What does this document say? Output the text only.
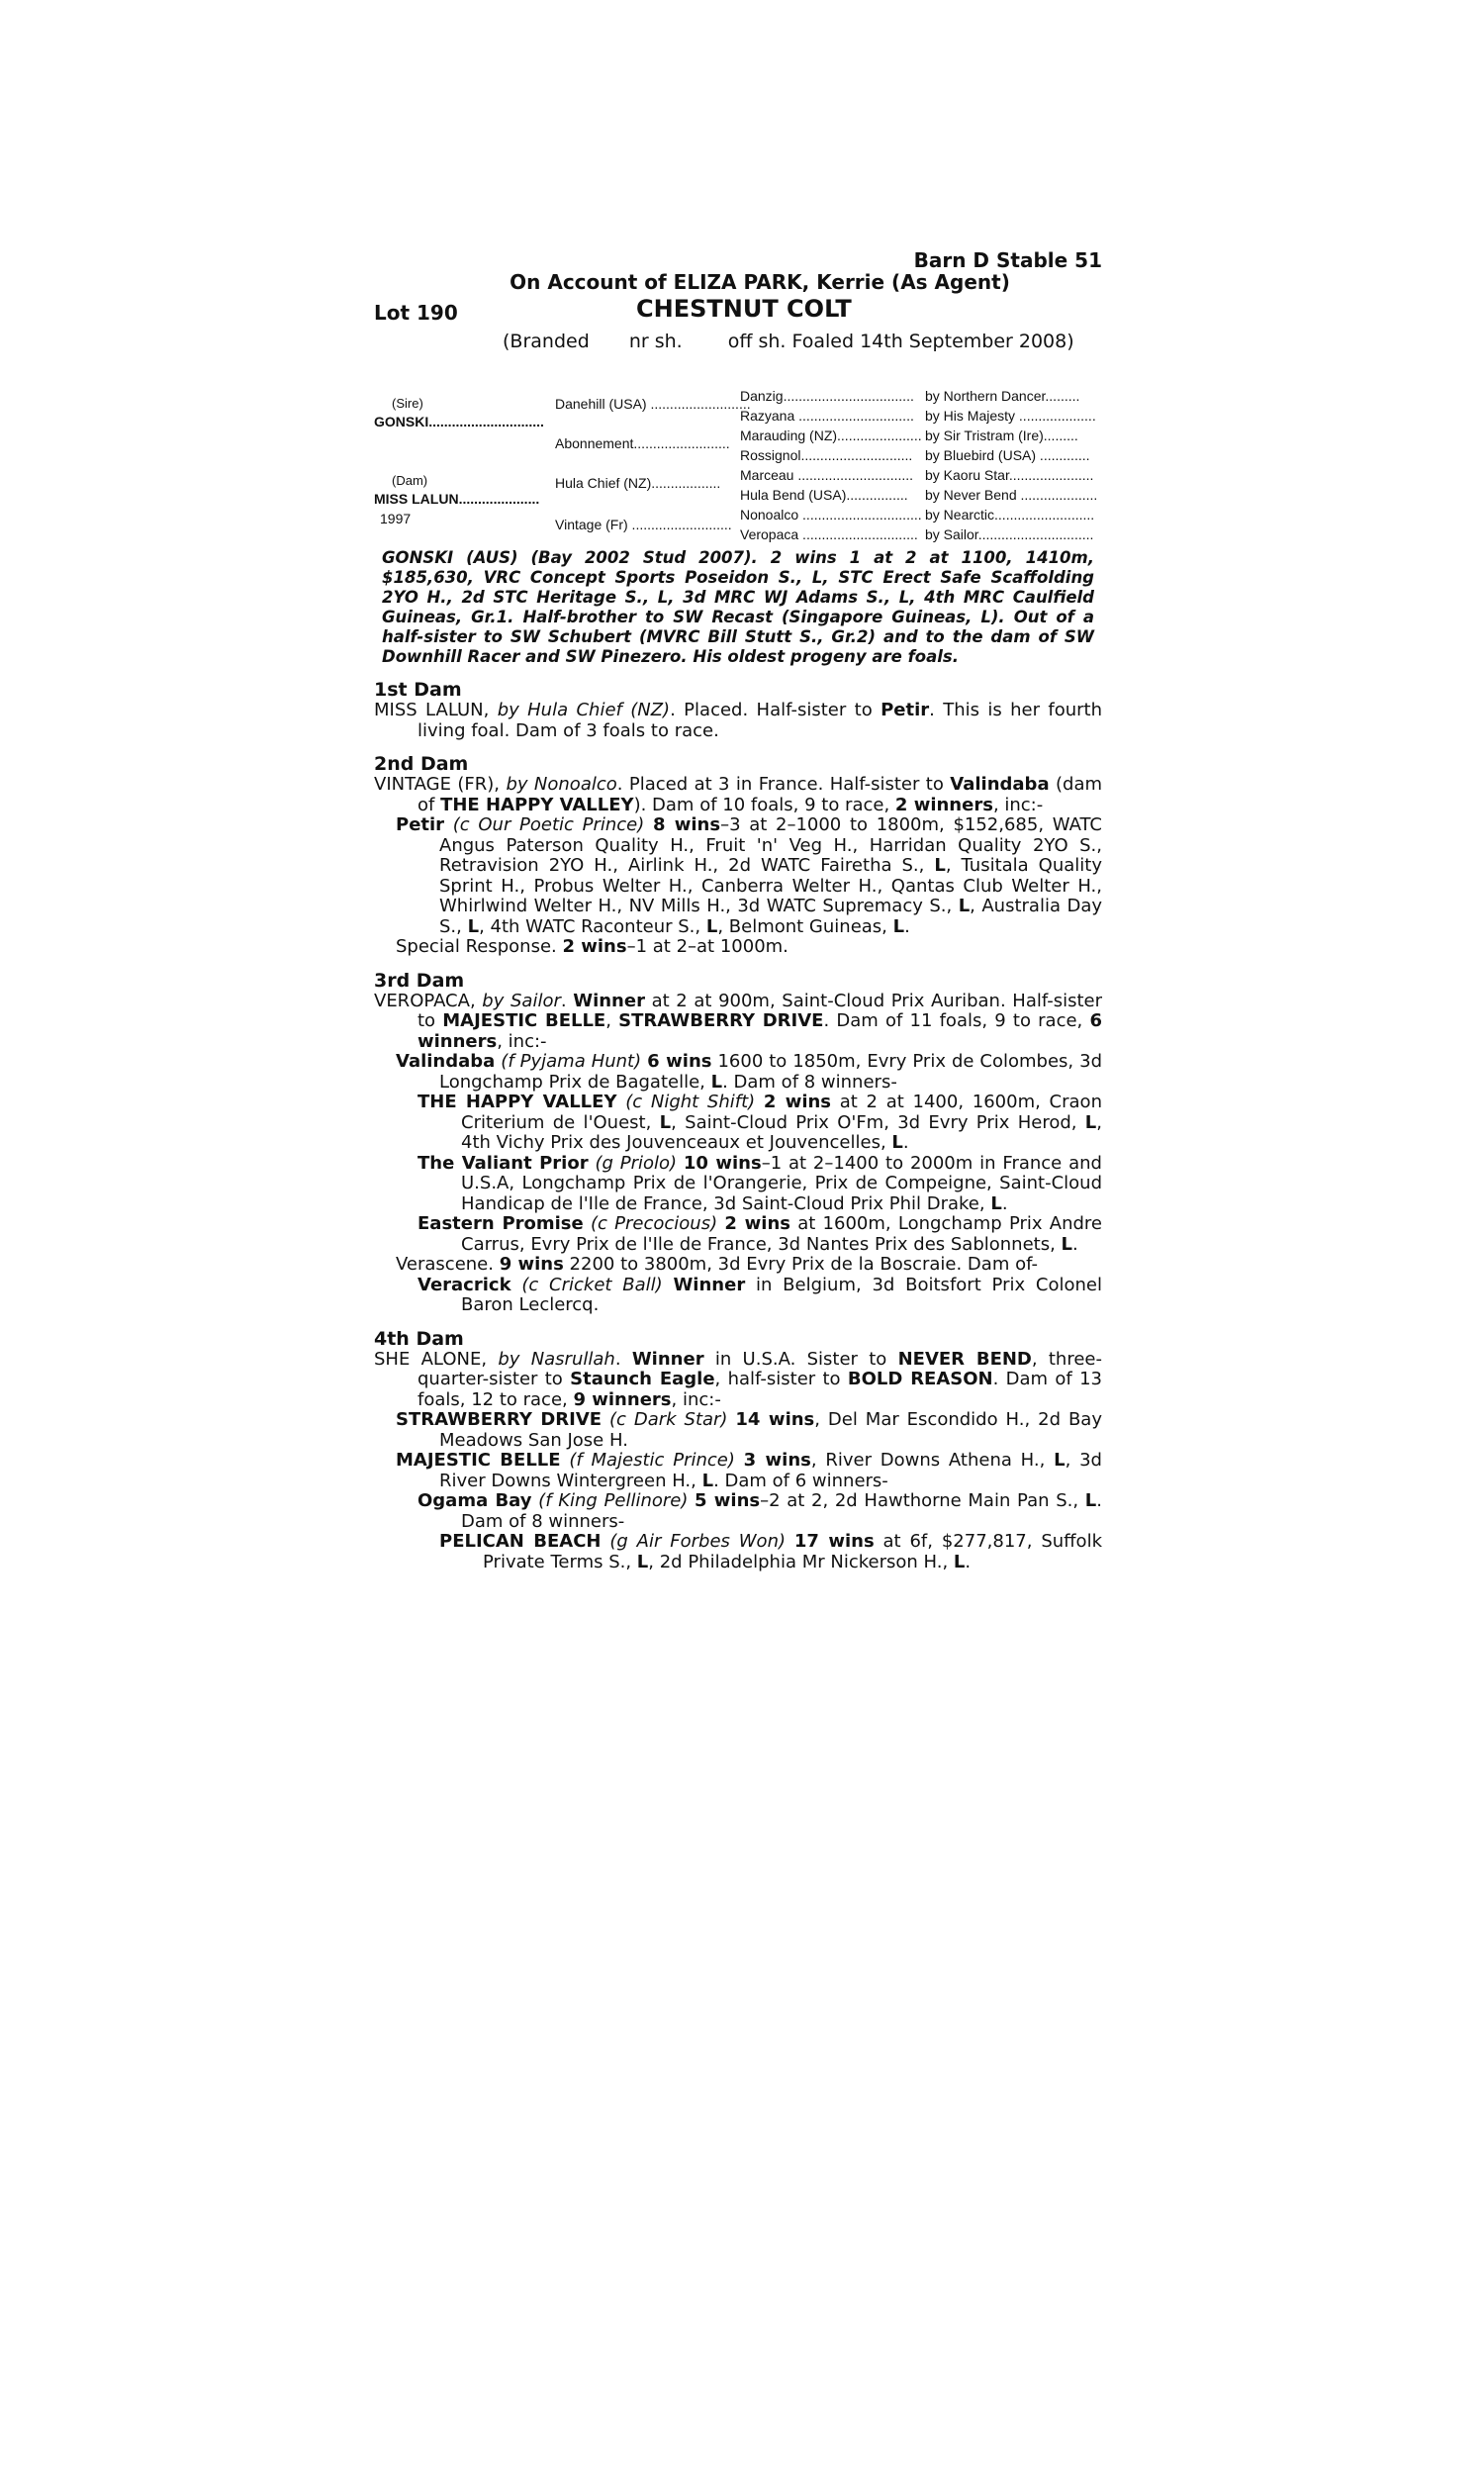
Barn D Stable 51
On Account of ELIZA PARK, Kerrie (As Agent)
Lot 190	CHESTNUT COLT
(Branded nr sh. off sh. Foaled 14th September 2008)
(Sire)
GONSKI..............................
Danehill (USA) ..........................
Abonnement.........................
Danzig..................................
Razyana ..............................
Marauding (NZ)......................
Rossignol.............................
by Northern Dancer.........
by His Majesty ....................
by Sir Tristram (Ire).........
by Bluebird (USA) .............
(Dam)
MISS LALUN.....................
1997
Hula Chief (NZ)..................
Vintage (Fr) ..........................
Marceau ..............................
Hula Bend (USA)................
Nonoalco ...............................
Veropaca ..............................
by Kaoru Star......................
by Never Bend ....................
by Nearctic..........................
by Sailor..............................
GONSKI (AUS) (Bay 2002 Stud 2007). 2 wins 1 at 2 at 1100, 1410m, $185,630, VRC Concept Sports Poseidon S., L, STC Erect Safe Scaffolding 2YO H., 2d STC Heritage S., L, 3d MRC WJ Adams S., L, 4th MRC Caulfield Guineas, Gr.1. Half-brother to SW Recast (Singapore Guineas, L). Out of a half-sister to SW Schubert (MVRC Bill Stutt S., Gr.2) and to the dam of SW Downhill Racer and SW Pinezero. His oldest progeny are foals.
1st Dam
MISS LALUN, by Hula Chief (NZ). Placed. Half-sister to Petir. This is her fourth living foal. Dam of 3 foals to race.
2nd Dam
VINTAGE (FR), by Nonoalco. Placed at 3 in France. Half-sister to Valindaba (dam of THE HAPPY VALLEY). Dam of 10 foals, 9 to race, 2 winners, inc:-
Petir (c Our Poetic Prince) 8 wins–3 at 2–1000 to 1800m, $152,685, WATC Angus Paterson Quality H., Fruit 'n' Veg H., Harridan Quality 2YO S., Retravision 2YO H., Airlink H., 2d WATC Fairetha S., L, Tusitala Quality Sprint H., Probus Welter H., Canberra Welter H., Qantas Club Welter H., Whirlwind Welter H., NV Mills H., 3d WATC Supremacy S., L, Australia Day S., L, 4th WATC Raconteur S., L, Belmont Guineas, L.
Special Response. 2 wins–1 at 2–at 1000m.
3rd Dam
VEROPACA, by Sailor. Winner at 2 at 900m, Saint-Cloud Prix Auriban. Half-sister to MAJESTIC BELLE, STRAWBERRY DRIVE. Dam of 11 foals, 9 to race, 6 winners, inc:-
Valindaba (f Pyjama Hunt) 6 wins 1600 to 1850m, Evry Prix de Colombes, 3d Longchamp Prix de Bagatelle, L. Dam of 8 winners-
THE HAPPY VALLEY (c Night Shift) 2 wins at 2 at 1400, 1600m, Craon Criterium de l'Ouest, L, Saint-Cloud Prix O'Fm, 3d Evry Prix Herod, L, 4th Vichy Prix des Jouvenceaux et Jouvencelles, L.
The Valiant Prior (g Priolo) 10 wins–1 at 2–1400 to 2000m in France and U.S.A, Longchamp Prix de l'Orangerie, Prix de Compeigne, Saint-Cloud Handicap de l'Ile de France, 3d Saint-Cloud Prix Phil Drake, L.
Eastern Promise (c Precocious) 2 wins at 1600m, Longchamp Prix Andre Carrus, Evry Prix de l'Ile de France, 3d Nantes Prix des Sablonnets, L.
Verascene. 9 wins 2200 to 3800m, 3d Evry Prix de la Boscraie. Dam of-
Veracrick (c Cricket Ball) Winner in Belgium, 3d Boitsfort Prix Colonel Baron Leclercq.
4th Dam
SHE ALONE, by Nasrullah. Winner in U.S.A. Sister to NEVER BEND, three-quarter-sister to Staunch Eagle, half-sister to BOLD REASON. Dam of 13 foals, 12 to race, 9 winners, inc:-
STRAWBERRY DRIVE (c Dark Star) 14 wins, Del Mar Escondido H., 2d Bay Meadows San Jose H.
MAJESTIC BELLE (f Majestic Prince) 3 wins, River Downs Athena H., L, 3d River Downs Wintergreen H., L. Dam of 6 winners-
Ogama Bay (f King Pellinore) 5 wins–2 at 2, 2d Hawthorne Main Pan S., L. Dam of 8 winners-
PELICAN BEACH (g Air Forbes Won) 17 wins at 6f, $277,817, Suffolk Private Terms S., L, 2d Philadelphia Mr Nickerson H., L.
